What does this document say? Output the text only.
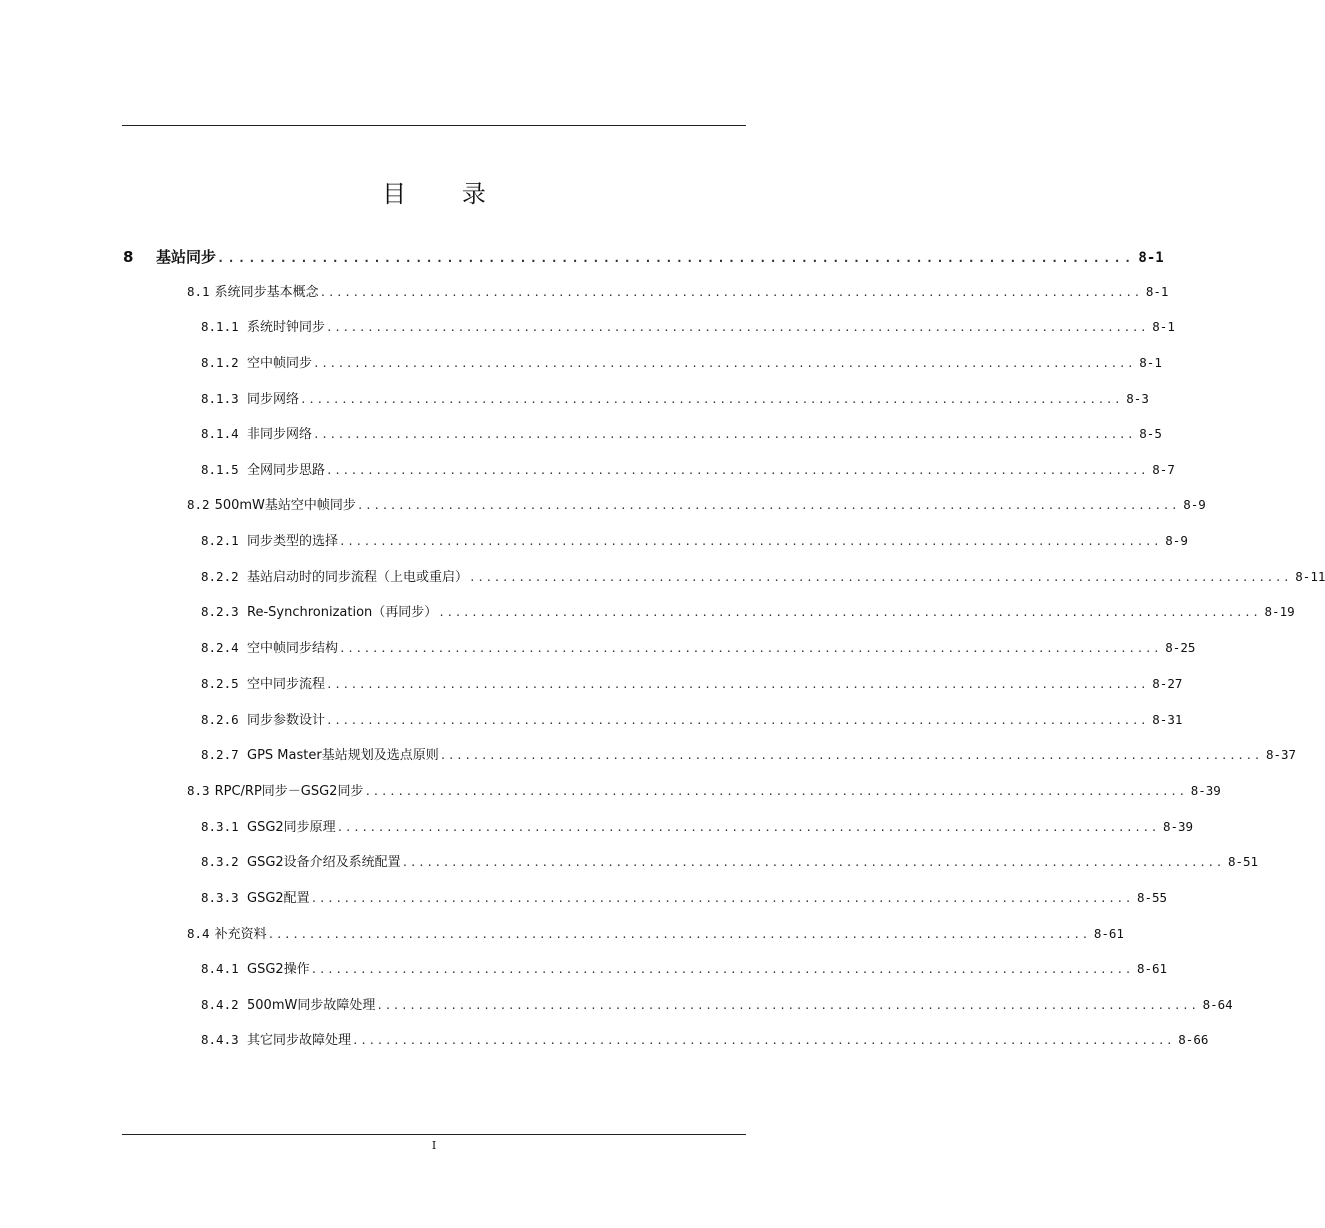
目 录
8	基站同步 ........................................................................................ 8-1
8.1 系统同步基本概念 .................................................................................................... 8-1
8.1.1 系统时钟同步 .................................................................................................... 8-1
8.1.2 空中帧同步 .................................................................................................... 8-1
8.1.3 同步网络 .................................................................................................... 8-3
8.1.4 非同步网络 .................................................................................................... 8-5
8.1.5 全网同步思路 .................................................................................................... 8-7
8.2 500mW基站空中帧同步 .................................................................................................... 8-9
8.2.1 同步类型的选择 .................................................................................................... 8-9
8.2.2 基站启动时的同步流程（上电或重启） .................................................................................................... 8-11
8.2.3 Re-Synchronization（再同步） .................................................................................................... 8-19
8.2.4 空中帧同步结构 .................................................................................................... 8-25
8.2.5 空中同步流程 .................................................................................................... 8-27
8.2.6 同步参数设计 .................................................................................................... 8-31
8.2.7 GPS Master基站规划及选点原则 .................................................................................................... 8-37
8.3 RPC/RP同步－GSG2同步 .................................................................................................... 8-39
8.3.1 GSG2同步原理 .................................................................................................... 8-39
8.3.2 GSG2设备介绍及系统配置 .................................................................................................... 8-51
8.3.3 GSG2配置 .................................................................................................... 8-55
8.4 补充资料 .................................................................................................... 8-61
8.4.1 GSG2操作 .................................................................................................... 8-61
8.4.2 500mW同步故障处理 .................................................................................................... 8-64
8.4.3 其它同步故障处理 .................................................................................................... 8-66
I
